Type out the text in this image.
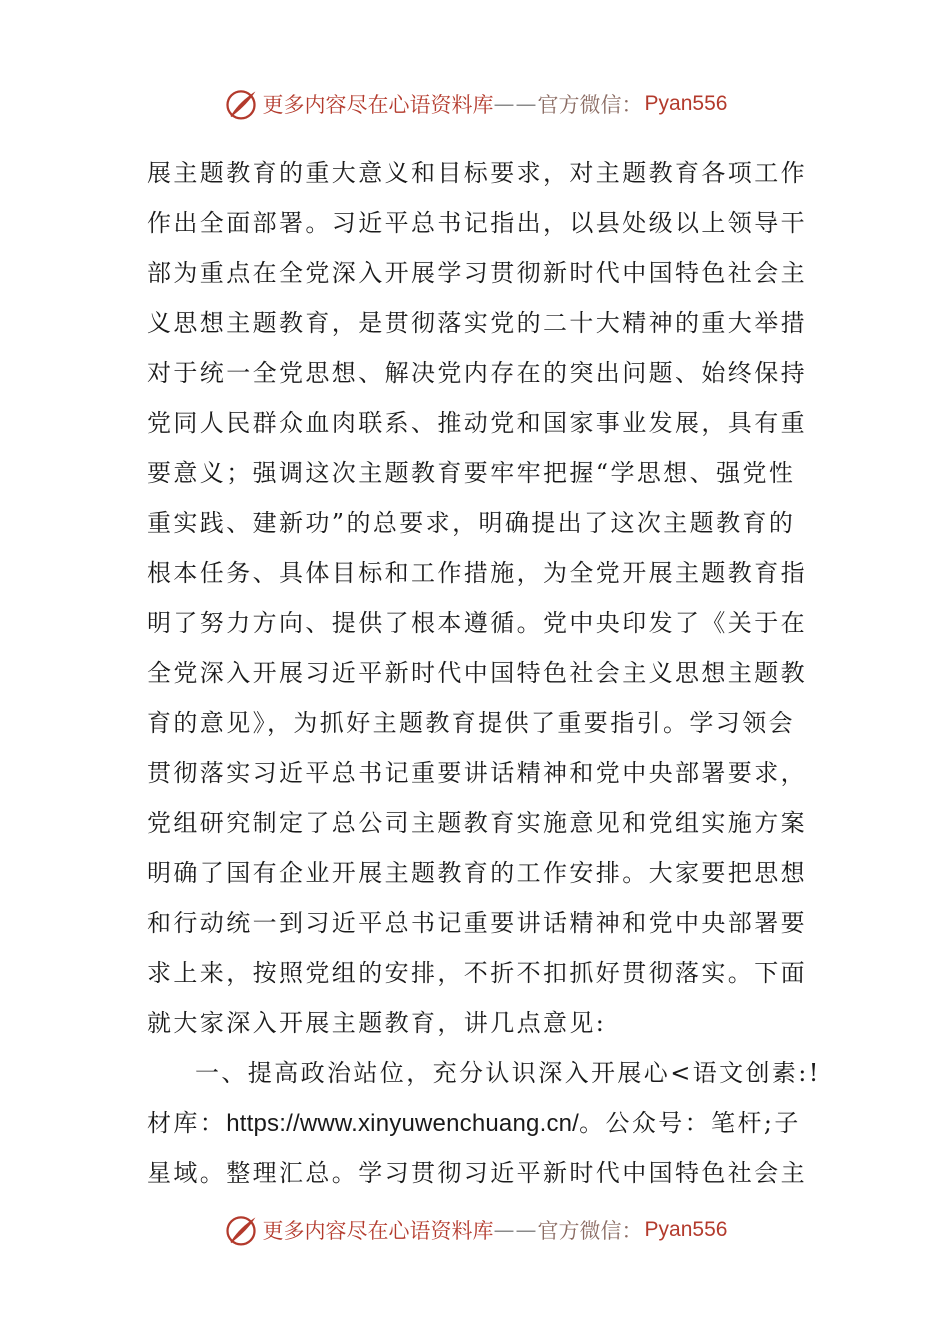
更多内容尽在心语资料库 —— 官方微信： Pyan556
展主题教育的重大意义和目标要求，对主题教育各项工作
作出全面部署。习近平总书记指出，以县处级以上领导干
部为重点在全党深入开展学习贯彻新时代中国特色社会主
义思想主题教育，是贯彻落实党的二十大精神的重大举措
对于统一全党思想、解决党内存在的突出问题、始终保持
党同人民群众血肉联系、推动党和国家事业发展，具有重
要意义；强调这次主题教育要牢牢把握“学思想、强党性
重实践、建新功”的总要求，明确提出了这次主题教育的
根本任务、具体目标和工作措施，为全党开展主题教育指
明了努力方向、提供了根本遵循。党中央印发了《关于在
全党深入开展习近平新时代中国特色社会主义思想主题教
育的意见》，为抓好主题教育提供了重要指引。学习领会
贯彻落实习近平总书记重要讲话精神和党中央部署要求，
党组研究制定了总公司主题教育实施意见和党组实施方案
明确了国有企业开展主题教育的工作安排。大家要把思想
和行动统一到习近平总书记重要讲话精神和党中央部署要
求上来，按照党组的安排，不折不扣抓好贯彻落实。下面
就大家深入开展主题教育，讲几点意见:
一、提高政治站位，充分认识深入开展心<语文创素:!
材库：https://www.xinyuwenchuang.cn/。公众号：笔杆;子
星域。整理汇总。学习贯彻习近平新时代中国特色社会主
更多内容尽在心语资料库 —— 官方微信： Pyan556
